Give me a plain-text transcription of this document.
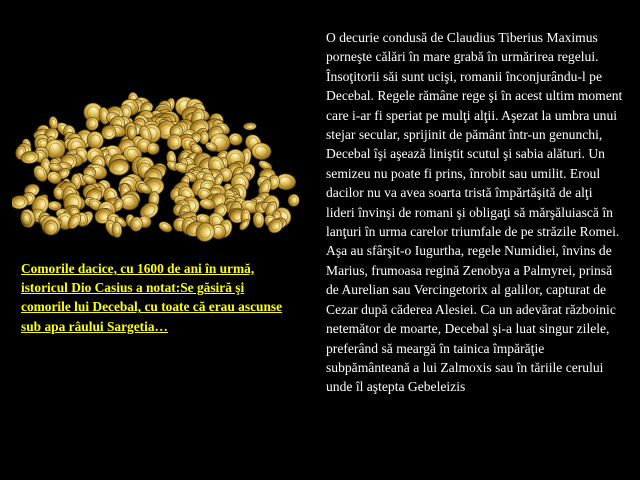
Comorile dacice, cu 1600 de ani în urmă, istoricul Dio Casius a notat:Se găsiră şi comorile lui Decebal, cu toate că erau ascunse sub apa râului Sargetia…
O decurie condusă de Claudius Tiberius Maximus porneşte călări în mare grabă în urmărirea regelui. Însoţitorii săi sunt ucişi, romanii înconjurându-l pe Decebal. Regele rămâne rege şi în acest ultim moment care i-ar fi speriat pe mulţi alţii. Aşezat la umbra unui stejar secular, sprijinit de pământ într-un genunchi, Decebal îşi aşează liniştit scutul şi sabia alături. Un semizeu nu poate fi prins, înrobit sau umilit. Eroul dacilor nu va avea soarta tristă împărtăşită de alţi lideri învinşi de romani şi obligaţi să mărşăluiască în lanţuri în urma carelor triumfale de pe străzile Romei. Aşa au sfârşit-o Iugurtha, regele Numidiei, învins de Marius, frumoasa regină Zenobya a Palmyrei, prinsă de Aurelian sau Vercingetorix al galilor, capturat de Cezar după căderea Alesiei. Ca un adevărat războinic netemător de moarte, Decebal şi-a luat singur zilele, preferând să meargă în tainica împărăţie subpământeană a lui Zalmoxis sau în tăriile cerului unde îl aştepta Gebeleizis
